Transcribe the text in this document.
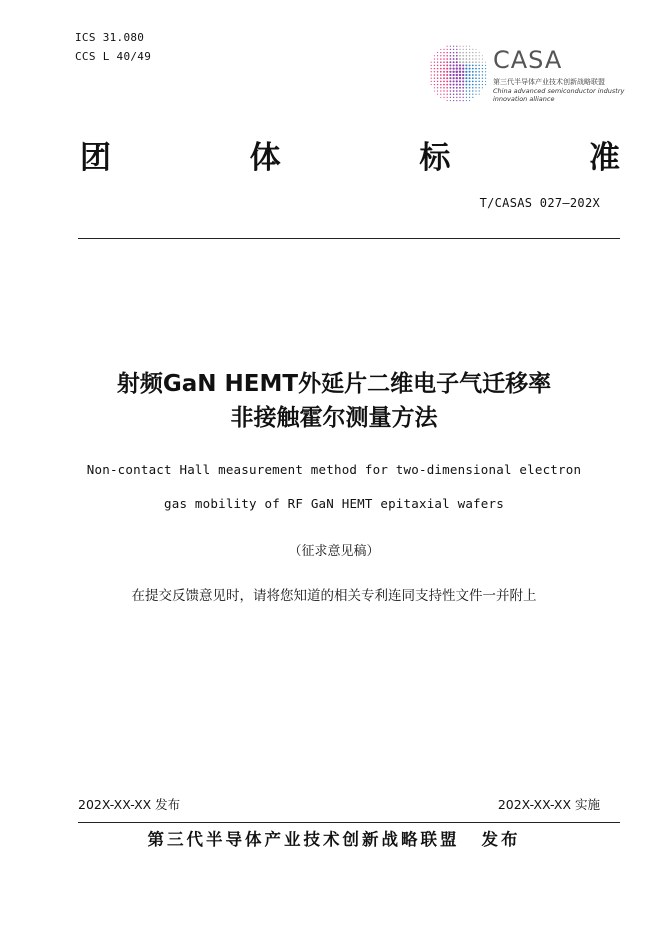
ICS 31.080
CCS L 40/49	CASA
第三代半导体产业技术创新战略联盟
China advanced semiconductor industry
innovation alliance
团	体	标	准
T/CASAS 027—202X
射频GaN HEMT外延片二维电子气迁移率
非接触霍尔测量方法
Non-contact Hall measurement method for two-dimensional electron
gas mobility of RF GaN HEMT epitaxial wafers
（征求意见稿）
在提交反馈意见时，请将您知道的相关专利连同支持性文件一并附上
202X-XX-XX 发布	202X-XX-XX 实施
第三代半导体产业技术创新战略联盟 发布
